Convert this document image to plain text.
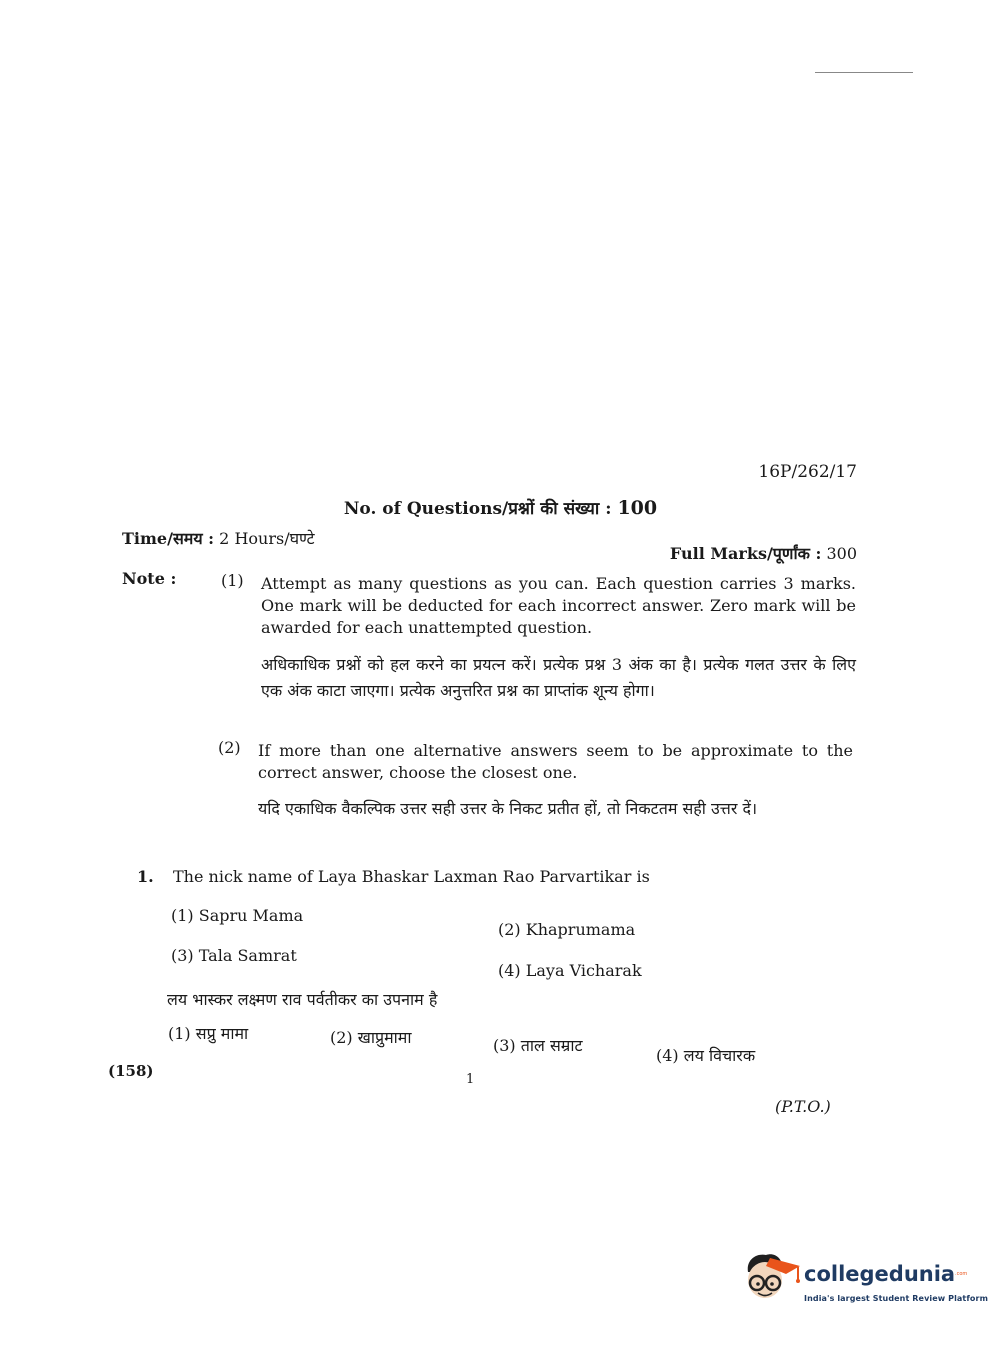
16P/262/17
No. of Questions/प्रश्नों की संख्या : 100
Time/समय : 2 Hours/घण्टे
Full Marks/पूर्णांक : 300
Note :	(1) Attempt as many questions as you can. Each question carries 3 marks. One mark will be deducted for each incorrect answer. Zero mark will be awarded for each unattempted question.
अधिकाधिक प्रश्नों को हल करने का प्रयत्न करें। प्रत्येक प्रश्न 3 अंक का है। प्रत्येक गलत उत्तर के लिए एक अंक काटा जाएगा। प्रत्येक अनुत्तरित प्रश्न का प्राप्तांक शून्य होगा।
(2) If more than one alternative answers seem to be approximate to the correct answer, choose the closest one.
यदि एकाधिक वैकल्पिक उत्तर सही उत्तर के निकट प्रतीत हों, तो निकटतम सही उत्तर दें।
1. The nick name of Laya Bhaskar Laxman Rao Parvartikar is
(1) Sapru Mama
(2) Khaprumama
(3) Tala Samrat
(4) Laya Vicharak
लय भास्कर लक्ष्मण राव पर्वतीकर का उपनाम है
(1) सप्रु मामा	(2) खाप्रुमामा	(3) ताल सम्राट
(4) लय विचारक
(158)	1
(P.T.O.)
collegedunia .com
India's largest Student Review Platform
